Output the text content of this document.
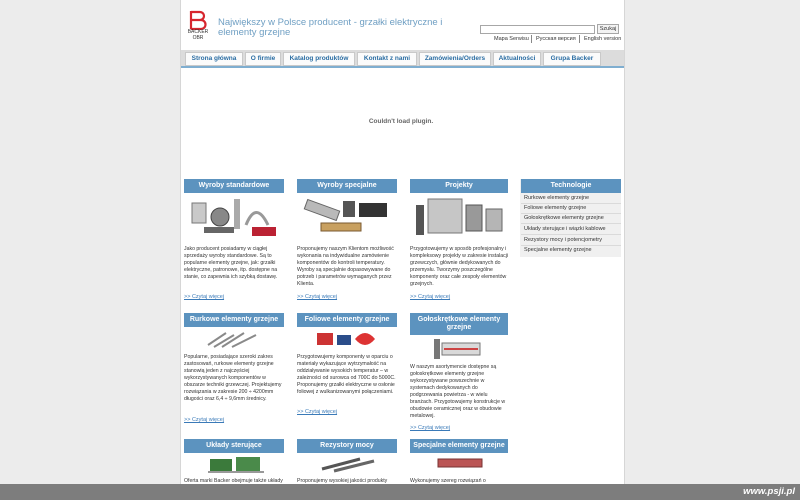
BACKER
OBR
Największy w Polsce producent - grzałki elektryczne i elementy grzejne	Szukaj
Mapa Serwisu Русская версия English version
Strona główna	O firmie	Katalog produktów	Kontakt z nami	Zamówienia/Orders	Aktualności	Grupa Backer
Couldn't load plugin.
Wyroby standardowe
Jako producent posiadamy w ciągłej sprzedaży wyroby standardowe. Są to popularne elementy grzejne, jak: grzałki elektryczne, patronowe, itp. dostępne na stanie, co zapewnia ich szybką dostawę.
>> Czytaj więcej
Wyroby specjalne
Proponujemy naszym Klientom możliwość wykonania na indywidualne zamówienie komponentów do kontroli temperatury. Wyroby są specjalnie dopasowywane do potrzeb i parametrów wymaganych przez Klienta.
>> Czytaj więcej
Projekty
Przygotowujemy w sposób profesjonalny i kompleksowy projekty w zakresie instalacji grzewczych, głównie dedykowanych do przemysłu. Tworzymy poszczególne komponenty oraz całe zespoły elementów grzejnych.
>> Czytaj więcej
Technologie
Rurkowe elementy grzejne
Foliowe elementy grzejne
Gołoskrętkowe elementy grzejne
Układy sterujące i wiązki kablowe
Rezystory mocy i potencjometry
Specjalne elementy grzejne
Rurkowe elementy grzejne
Popularne, posiadające szeroki zakres zastosowań, rurkowe elementy grzejne stanowią jeden z najczęściej wykorzystywanych komponentów w obszarze techniki grzewczej. Projektujemy rozwiązania w zakresie 200 ÷ 4200mm długości oraz 6,4 ÷ 9,6mm średnicy.
>> Czytaj więcej
Foliowe elementy grzejne
Przygotowujemy komponenty w oparciu o materiały wykazujące wytrzymałość na oddziaływanie wysokich temperatur – w zależności od surowca od 700C do 5000C. Proponujemy grzałki elektryczne w osłonie foliowej z wulkanizowanymi połączeniami.
>> Czytaj więcej
Gołoskrętkowe elementy grzejne
W naszym asortymencie dostępne są gołoskrętkowe elementy grzejne wykorzystywane powszechnie w systemach dedykowanych do podgrzewania powietrza - w wielu branżach. Przygotowujemy konstrukcje w obudowie ceramicznej oraz w obudowie metalowej.
>> Czytaj więcej
Układy sterujące
Oferta marki Backer obejmuje także układy
Rezystory mocy
Proponujemy wysokiej jakości produkty
Specjalne elementy grzejne
Wykonujemy szereg rozwiązań o
www.psji.pl
